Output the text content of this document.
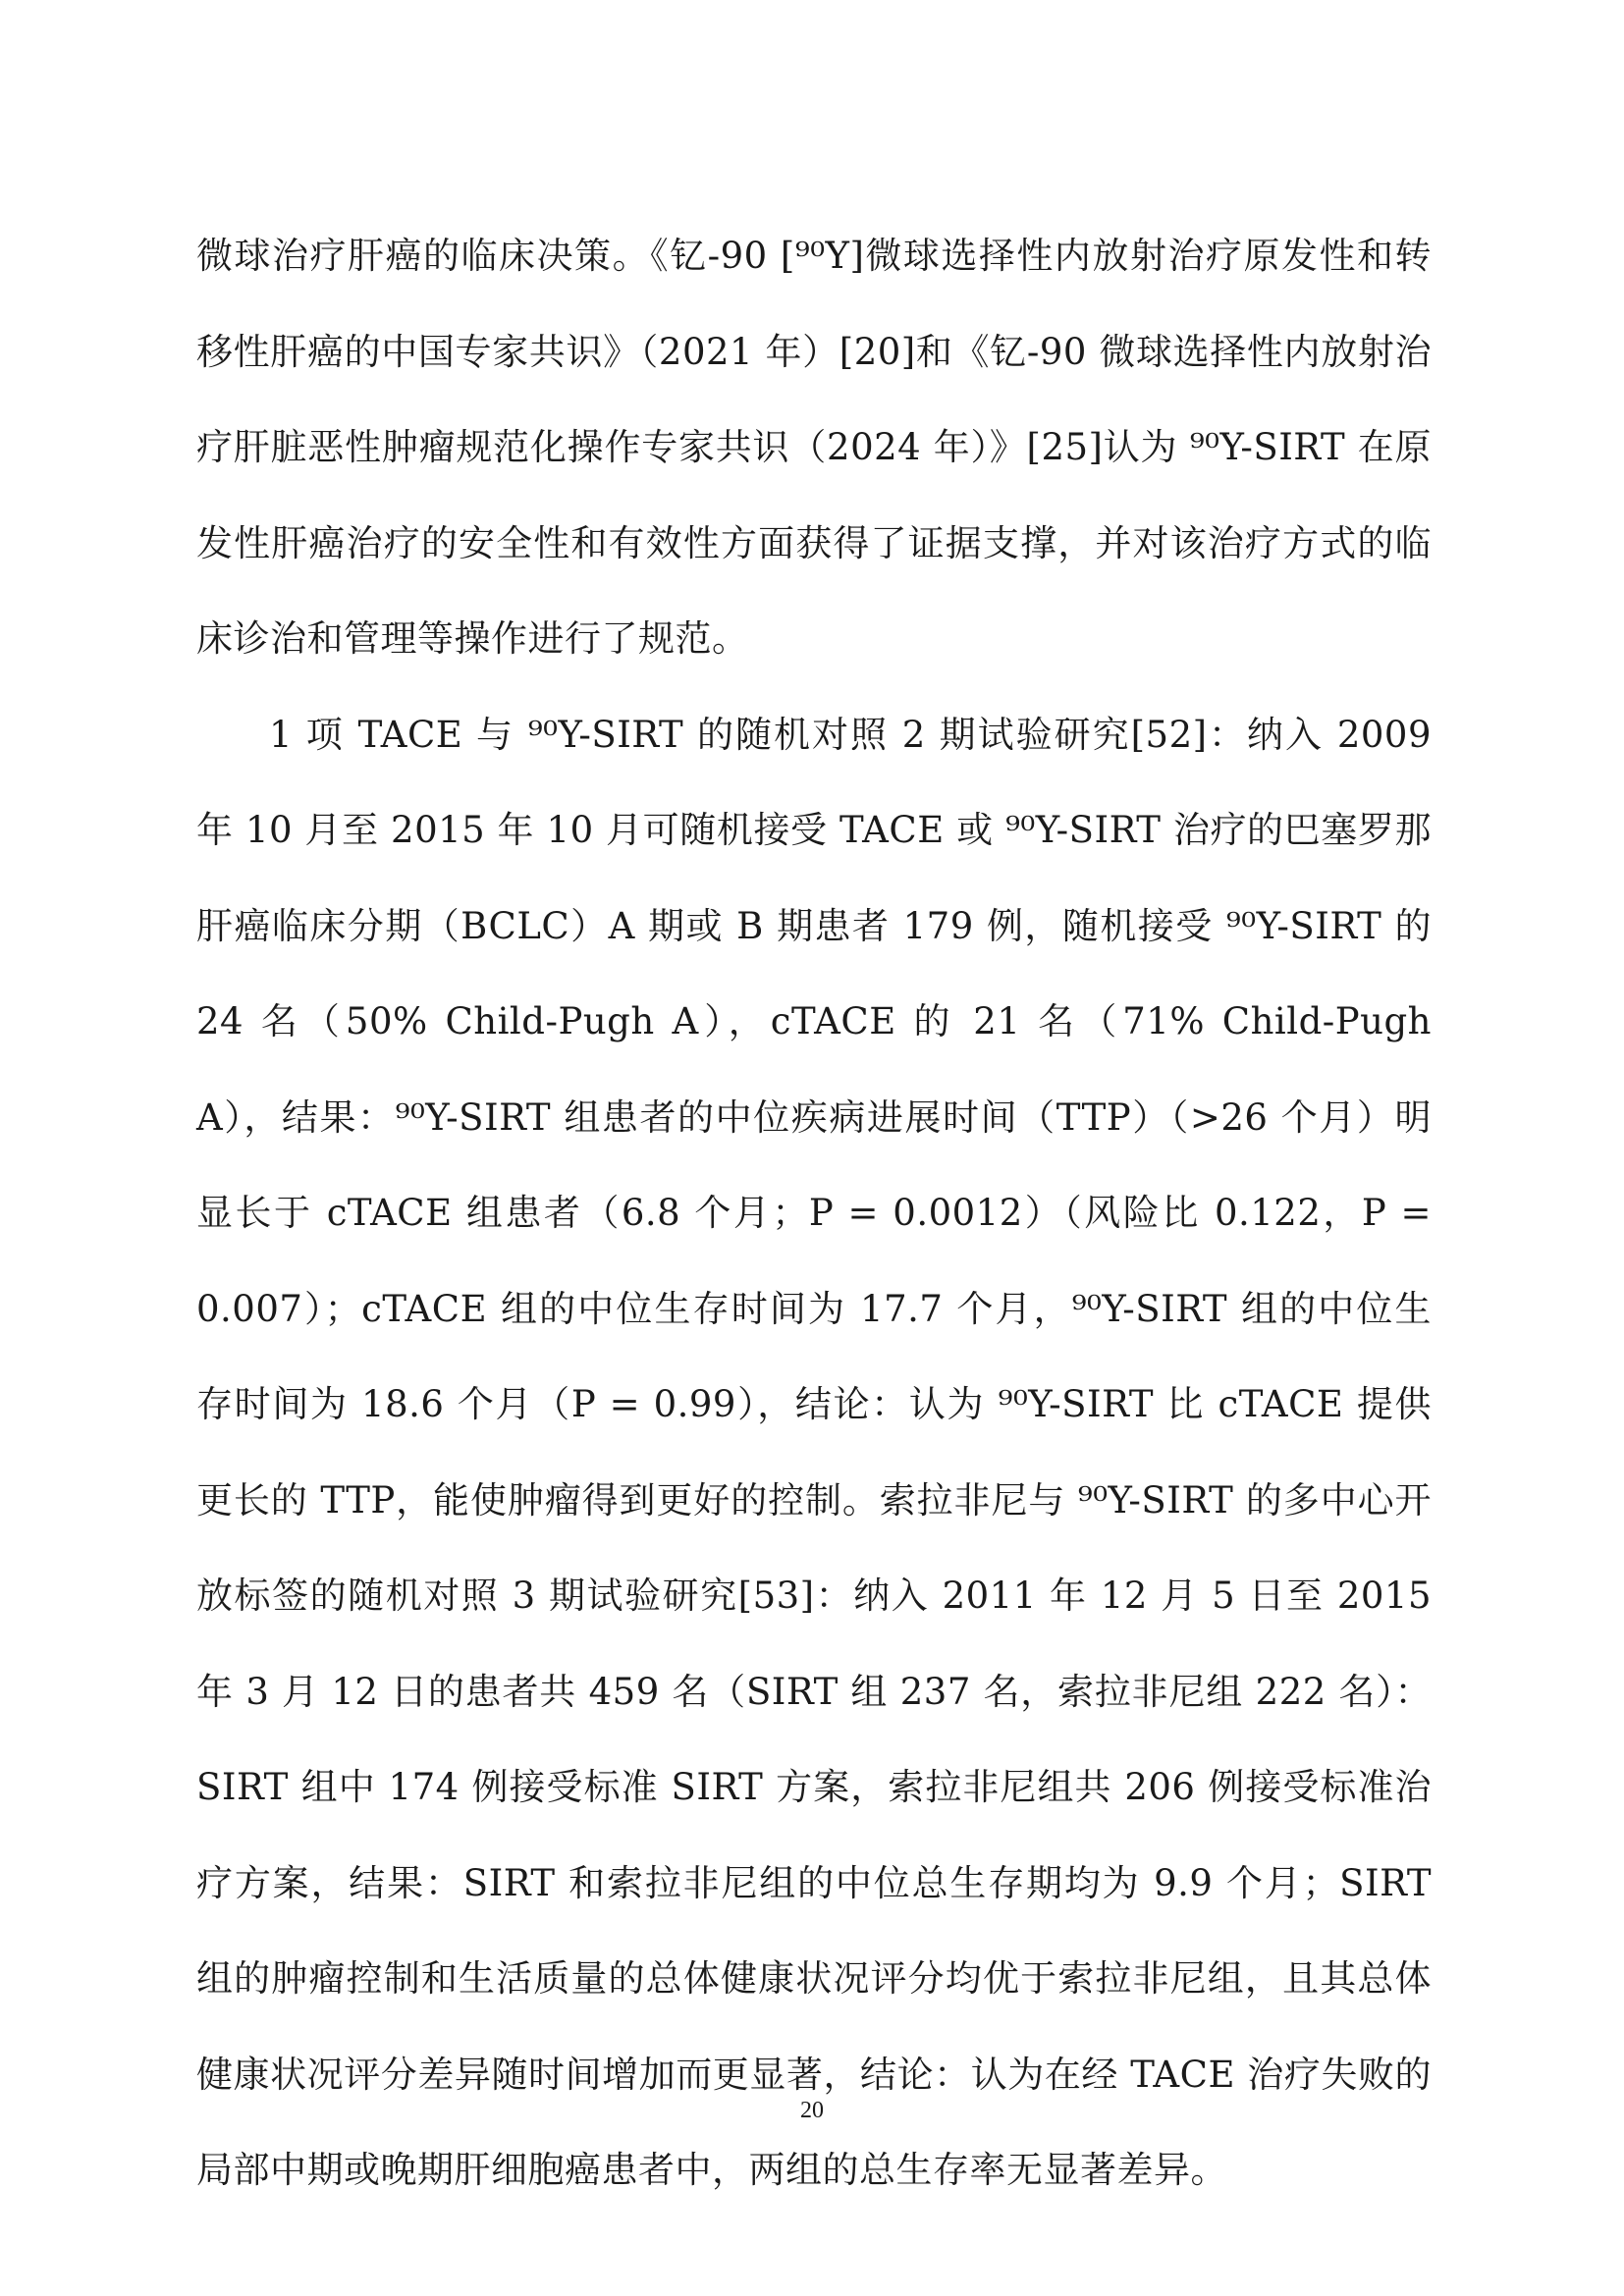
微球治疗肝癌的临床决策。《钇-90 [⁹⁰Y]微球选择性内放射治疗原发性和转移性肝癌的中国专家共识》（2021 年）[20]和《钇-90 微球选择性内放射治疗肝脏恶性肿瘤规范化操作专家共识（2024 年）》[25]认为 ⁹⁰Y-SIRT 在原发性肝癌治疗的安全性和有效性方面获得了证据支撑，并对该治疗方式的临床诊治和管理等操作进行了规范。

1 项 TACE 与 ⁹⁰Y-SIRT 的随机对照 2 期试验研究[52]：纳入 2009 年 10 月至 2015 年 10 月可随机接受 TACE 或 ⁹⁰Y-SIRT 治疗的巴塞罗那肝癌临床分期（BCLC）A 期或 B 期患者 179 例，随机接受 ⁹⁰Y-SIRT 的 24 名（50% Child-Pugh A），cTACE 的 21 名（71% Child-Pugh A），结果：⁹⁰Y-SIRT 组患者的中位疾病进展时间（TTP）（>26 个月）明显长于 cTACE 组患者（6.8 个月；P = 0.0012）（风险比 0.122，P = 0.007）；cTACE 组的中位生存时间为 17.7 个月，⁹⁰Y-SIRT 组的中位生存时间为 18.6 个月（P = 0.99），结论：认为 ⁹⁰Y-SIRT 比 cTACE 提供更长的 TTP，能使肿瘤得到更好的控制。索拉非尼与 ⁹⁰Y-SIRT 的多中心开放标签的随机对照 3 期试验研究[53]：纳入 2011 年 12 月 5 日至 2015 年 3 月 12 日的患者共 459 名（SIRT 组 237 名，索拉非尼组 222 名）：SIRT 组中 174 例接受标准 SIRT 方案，索拉非尼组共 206 例接受标准治疗方案，结果：SIRT 和索拉非尼组的中位总生存期均为 9.9 个月；SIRT 组的肿瘤控制和生活质量的总体健康状况评分均优于索拉非尼组，且其总体健康状况评分差异随时间增加而更显著，结论：认为在经 TACE 治疗失败的局部中期或晚期肝细胞癌患者中，两组的总生存率无显著差异。

20
